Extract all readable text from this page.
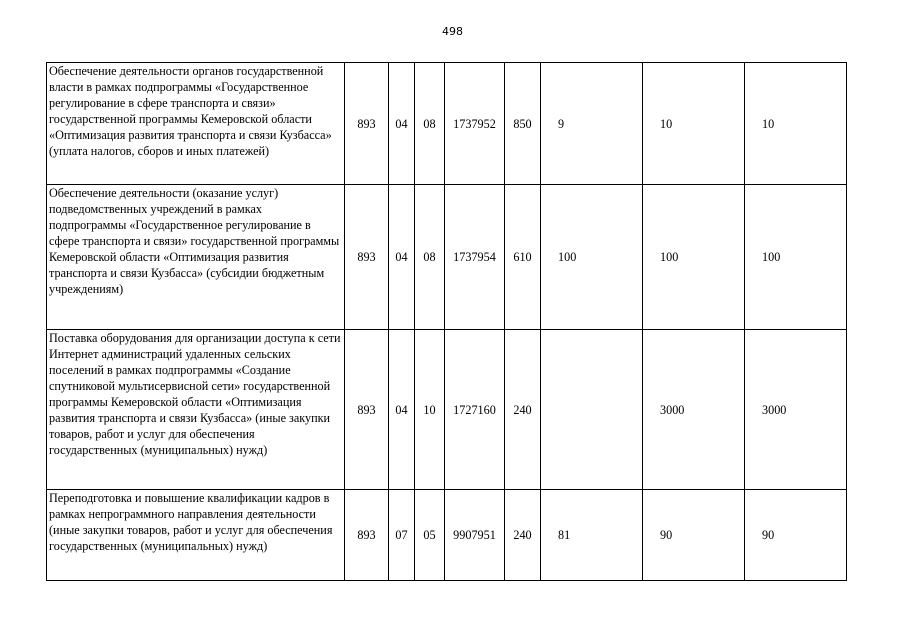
498
Обеспечение деятельности органов государственной власти в рамках подпрограммы «Государственное регулирование в сфере транспорта и связи» государственной программы Кемеровской области «Оптимизация развития транспорта и связи Кузбасса» (уплата налогов, сборов и иных платежей)	893	04	08	1737952	850	9	10	10
Обеспечение деятельности (оказание услуг) подведомственных учреждений в рамках подпрограммы «Государственное регулирование в сфере транспорта и связи» государственной программы Кемеровской области «Оптимизация развития транспорта и связи Кузбасса» (субсидии бюджетным учреждениям)	893	04	08	1737954	610	100	100	100
Поставка оборудования для организации доступа к сети Интернет администраций удаленных сельских поселений в рамках подпрограммы «Создание спутниковой мультисервисной сети» государственной программы Кемеровской области «Оптимизация развития транспорта и связи Кузбасса» (иные закупки товаров, работ и услуг для обеспечения государственных (муниципальных) нужд)	893	04	10	1727160	240		3000	3000
Переподготовка и повышение квалификации кадров в рамках непрограммного направления деятельности (иные закупки товаров, работ и услуг для обеспечения государственных (муниципальных) нужд)	893	07	05	9907951	240	81	90	90
